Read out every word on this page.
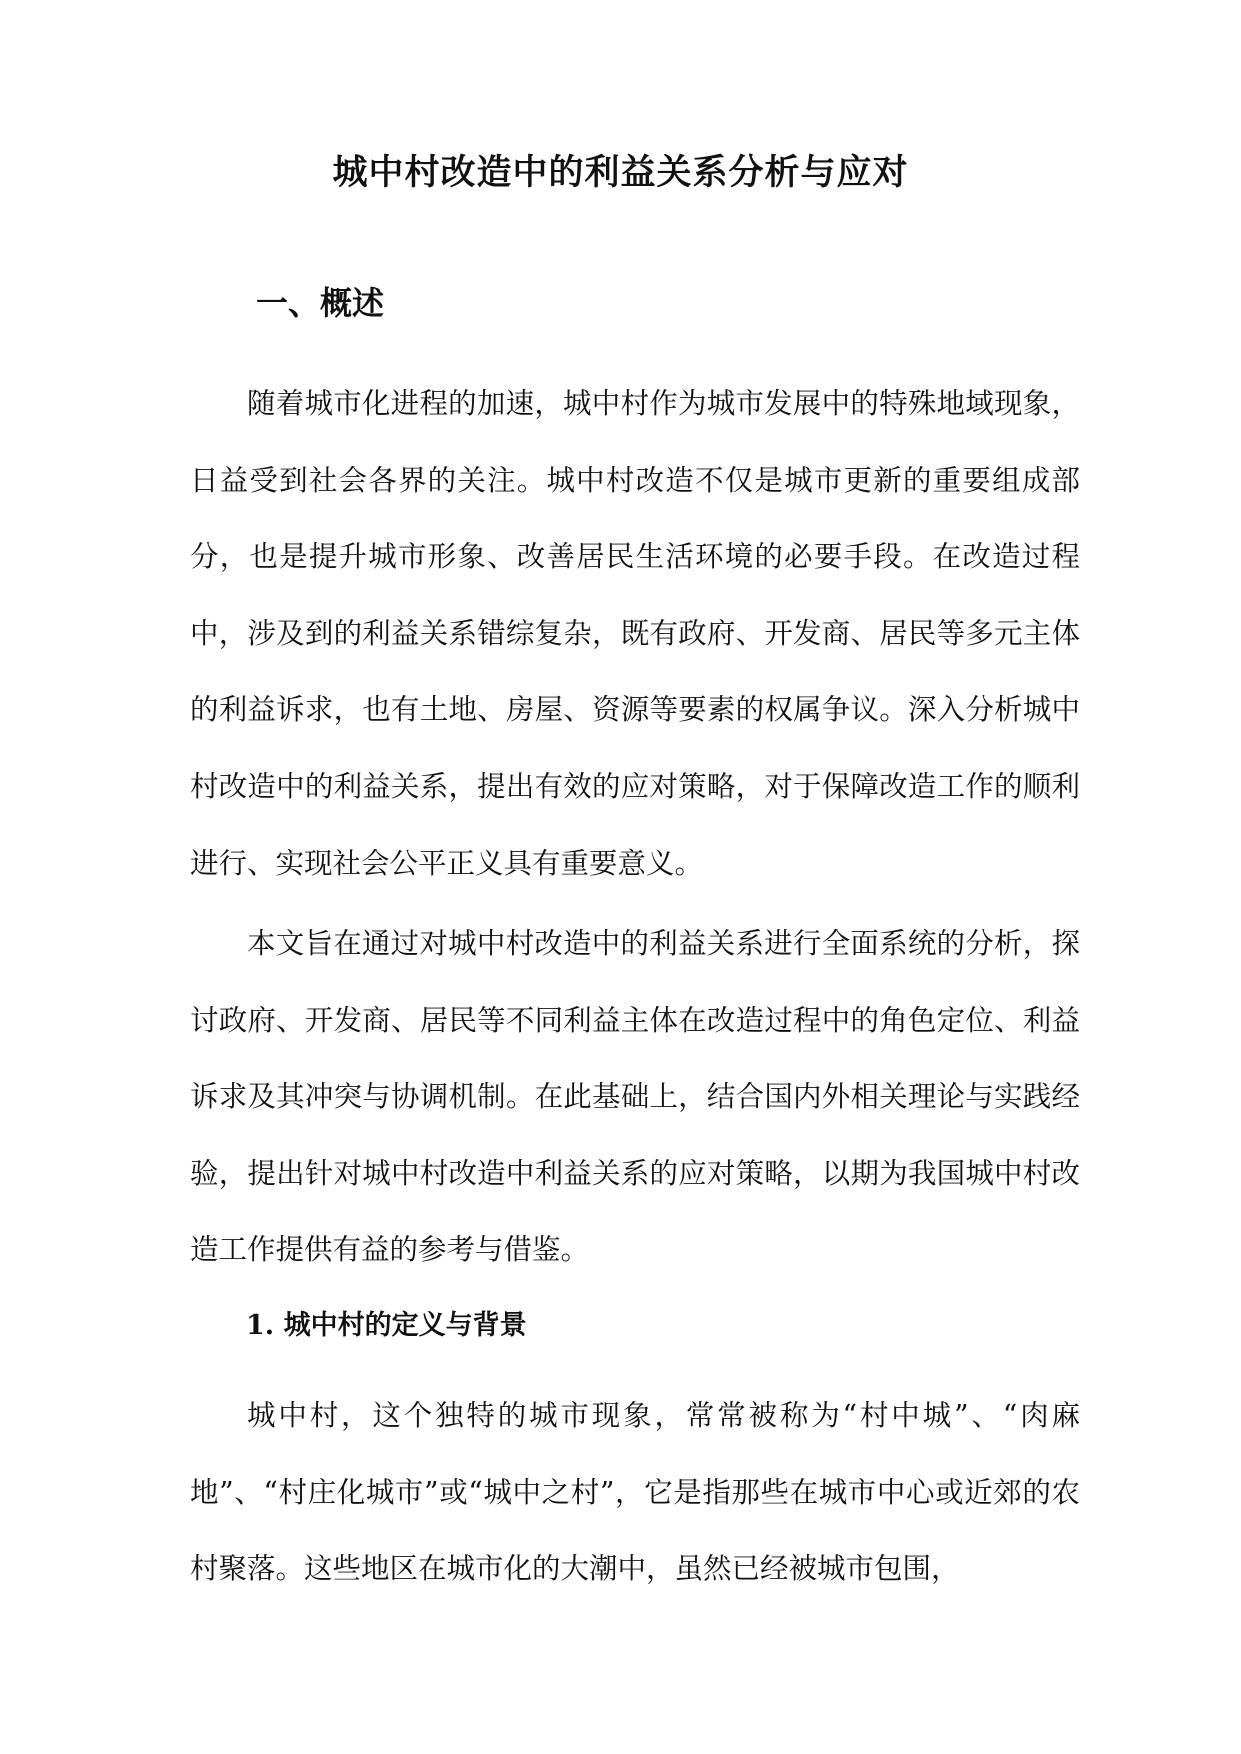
城中村改造中的利益关系分析与应对
一、概述

随着城市化进程的加速，城中村作为城市发展中的特殊地域现象，日益受到社会各界的关注。城中村改造不仅是城市更新的重要组成部分，也是提升城市形象、改善居民生活环境的必要手段。在改造过程中，涉及到的利益关系错综复杂，既有政府、开发商、居民等多元主体的利益诉求，也有土地、房屋、资源等要素的权属争议。深入分析城中村改造中的利益关系，提出有效的应对策略，对于保障改造工作的顺利进行、实现社会公平正义具有重要意义。

本文旨在通过对城中村改造中的利益关系进行全面系统的分析，探讨政府、开发商、居民等不同利益主体在改造过程中的角色定位、利益诉求及其冲突与协调机制。在此基础上，结合国内外相关理论与实践经验，提出针对城中村改造中利益关系的应对策略，以期为我国城中村改造工作提供有益的参考与借鉴。

1. 城中村的定义与背景

城中村，这个独特的城市现象，常常被称为“村中城”、“肉麻地”、“村庄化城市”或“城中之村”，它是指那些在城市中心或近郊的农村聚落。这些地区在城市化的大潮中，虽然已经被城市包围，
